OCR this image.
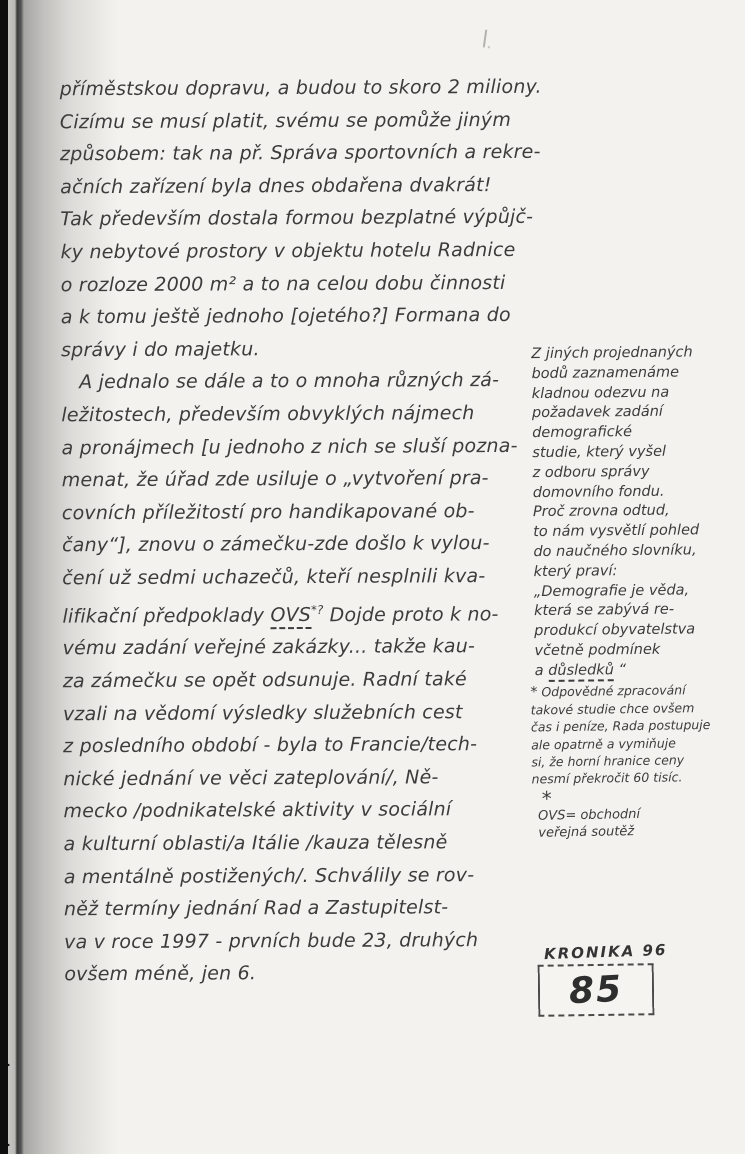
příměstskou dopravu, a budou to skoro 2 miliony.
Cizímu se musí platit, svému se pomůže jiným
způsobem: tak na př. Správa sportovních a rekre-
ačních zařízení byla dnes obdařena dvakrát!
Tak především dostala formou bezplatné výpůjč-
ky nebytové prostory v objektu hotelu Radnice
o rozloze 2000 m² a to na celou dobu činnosti
a k tomu ještě jednoho [ojetého?] Formana do
správy i do majetku.
A jednalo se dále a to o mnoha různých zá-
ležitostech, především obvyklých nájmech
a pronájmech [u jednoho z nich se sluší pozna-
menat, že úřad zde usiluje o „vytvoření pra-
covních příležitostí pro handikapované ob-
čany“], znovu o zámečku-zde došlo k vylou-
čení už sedmi uchazečů, kteří nesplnili kva-
lifikační předpoklady OVS*? Dojde proto k no-
vému zadání veřejné zakázky... takže kau-
za zámečku se opět odsunuje. Radní také
vzali na vědomí výsledky služebních cest
z posledního období - byla to Francie/tech-
nické jednání ve věci zateplování/, Ně-
mecko /podnikatelské aktivity v sociální
a kulturní oblasti/a Itálie /kauza tělesně
a mentálně postižených/. Schválily se rov-
něž termíny jednání Rad a Zastupitelst-
va v roce 1997 - prvních bude 23, druhých
ovšem méně, jen 6.
Z jiných projednaných
bodů zaznamenáme
kladnou odezvu na
požadavek zadání
demografické
studie, který vyšel
z odboru správy
domovního fondu.
Proč zrovna odtud,
to nám vysvětlí pohled
do naučného slovníku,
který praví:
„Demografie je věda,
která se zabývá re-
produkcí obyvatelstva
včetně podmínek
a důsledků “
* Odpovědné zpracování
takové studie chce ovšem
čas i peníze, Rada postupuje
ale opatrně a vymiňuje
si, že horní hranice ceny
nesmí překročit 60 tisíc.
*
OVS= obchodní
veřejná soutěž
KRONIKA 96
85
